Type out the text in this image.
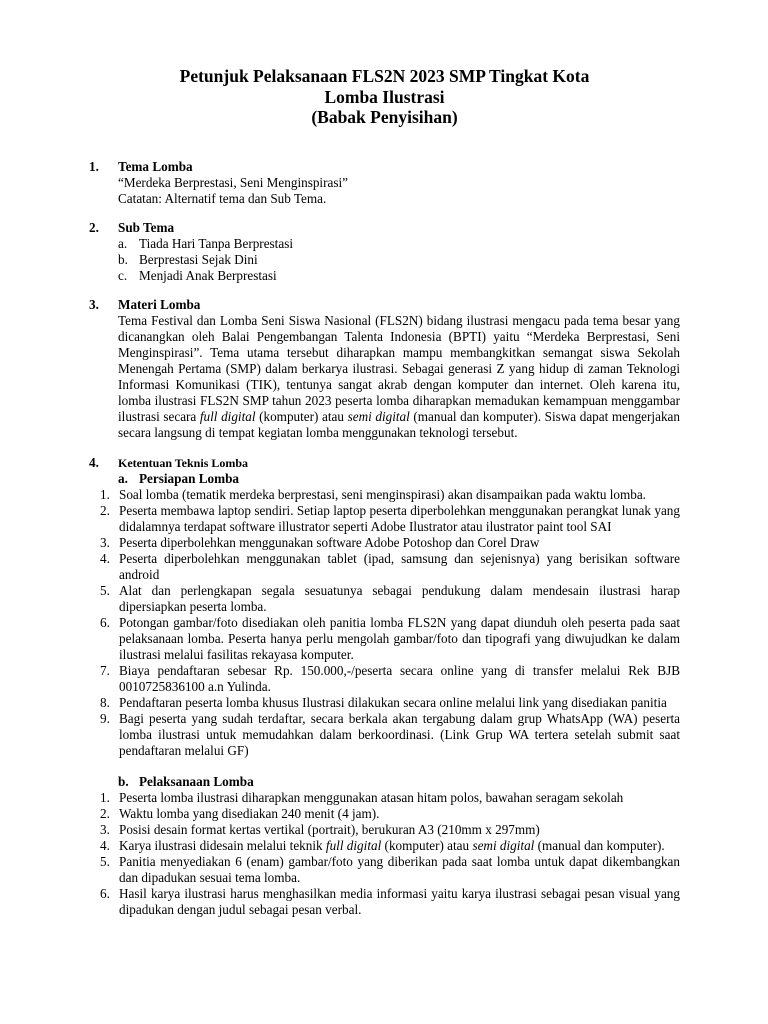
Petunjuk Pelaksanaan FLS2N 2023 SMP Tingkat Kota

Lomba Ilustrasi

(Babak Penyisihan)

1.	Tema Lomba
“Merdeka Berprestasi, Seni Menginspirasi”
Catatan: Alternatif tema dan Sub Tema.
2.	Sub Tema
a. Tiada Hari Tanpa Berprestasi
b. Berprestasi Sejak Dini
c. Menjadi Anak Berprestasi
3.	Materi Lomba
Tema Festival dan Lomba Seni Siswa Nasional (FLS2N) bidang ilustrasi mengacu pada tema besar yang dicanangkan oleh Balai Pengembangan Talenta Indonesia (BPTI) yaitu “Merdeka Berprestasi, Seni Menginspirasi”. Tema utama tersebut diharapkan mampu membangkitkan semangat siswa Sekolah Menengah Pertama (SMP) dalam berkarya ilustrasi. Sebagai generasi Z yang hidup di zaman Teknologi Informasi Komunikasi (TIK), tentunya sangat akrab dengan komputer dan internet. Oleh karena itu, lomba ilustrasi FLS2N SMP tahun 2023 peserta lomba diharapkan memadukan kemampuan menggambar ilustrasi secara full digital (komputer) atau semi digital (manual dan komputer). Siswa dapat mengerjakan secara langsung di tempat kegiatan lomba menggunakan teknologi tersebut.
4.	Ketentuan Teknis Lomba
a. Persiapan Lomba
1. Soal lomba (tematik merdeka berprestasi, seni menginspirasi) akan disampaikan pada waktu lomba.
2. Peserta membawa laptop sendiri. Setiap laptop peserta diperbolehkan menggunakan perangkat lunak yang didalamnya terdapat software illustrator seperti Adobe Ilustrator atau ilustrator paint tool SAI
3. Peserta diperbolehkan menggunakan software Adobe Potoshop dan Corel Draw
4. Peserta diperbolehkan menggunakan tablet (ipad, samsung dan sejenisnya) yang berisikan software android
5. Alat dan perlengkapan segala sesuatunya sebagai pendukung dalam mendesain ilustrasi harap dipersiapkan peserta lomba.
6. Potongan gambar/foto disediakan oleh panitia lomba FLS2N yang dapat diunduh oleh peserta pada saat pelaksanaan lomba. Peserta hanya perlu mengolah gambar/foto dan tipografi yang diwujudkan ke dalam ilustrasi melalui fasilitas rekayasa komputer.
7. Biaya pendaftaran sebesar Rp. 150.000,-/peserta secara online yang di transfer melalui Rek BJB 0010725836100 a.n Yulinda.
8. Pendaftaran peserta lomba khusus Ilustrasi dilakukan secara online melalui link yang disediakan panitia
9. Bagi peserta yang sudah terdaftar, secara berkala akan tergabung dalam grup WhatsApp (WA) peserta lomba ilustrasi untuk memudahkan dalam berkoordinasi. (Link Grup WA tertera setelah submit saat pendaftaran melalui GF)
b. Pelaksanaan Lomba
1. Peserta lomba ilustrasi diharapkan menggunakan atasan hitam polos, bawahan seragam sekolah
2. Waktu lomba yang disediakan 240 menit (4 jam).
3. Posisi desain format kertas vertikal (portrait), berukuran A3 (210mm x 297mm)
4. Karya ilustrasi didesain melalui teknik full digital (komputer) atau semi digital (manual dan komputer).
5. Panitia menyediakan 6 (enam) gambar/foto yang diberikan pada saat lomba untuk dapat dikembangkan dan dipadukan sesuai tema lomba.
6. Hasil karya ilustrasi harus menghasilkan media informasi yaitu karya ilustrasi sebagai pesan visual yang dipadukan dengan judul sebagai pesan verbal.
